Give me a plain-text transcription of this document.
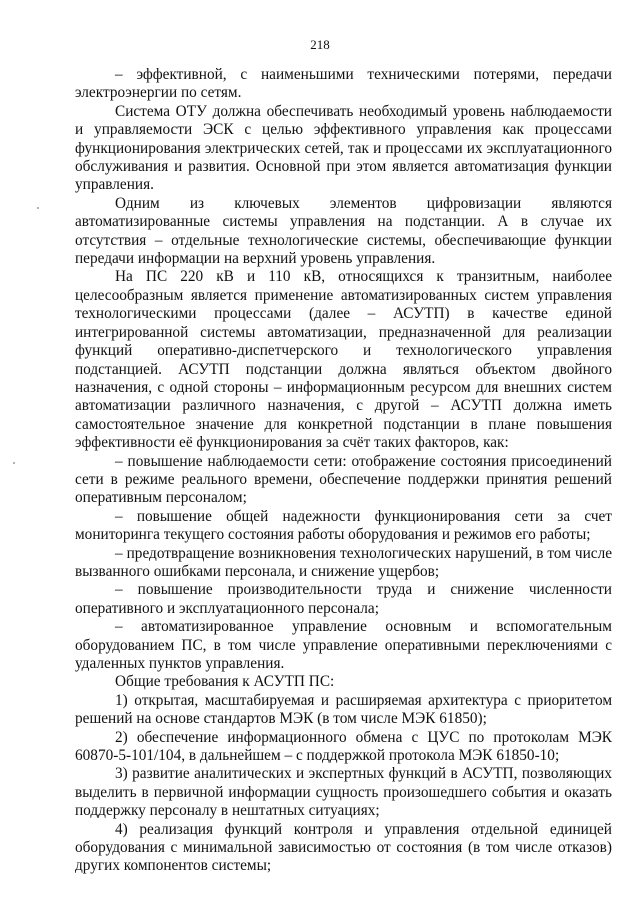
218

– эффективной, с наименьшими техническими потерями, передачи электроэнергии по сетям.

Система ОТУ должна обеспечивать необходимый уровень наблюдаемости и управляемости ЭСК с целью эффективного управления как процессами функционирования электрических сетей, так и процессами их эксплуатационного обслуживания и развития. Основной при этом является автоматизация функции управления.

Одним из ключевых элементов цифровизации являются автоматизированные системы управления на подстанции. А в случае их отсутствия – отдельные технологические системы, обеспечивающие функции передачи информации на верхний уровень управления.

На ПС 220 кВ и 110 кВ, относящихся к транзитным, наиболее целесообразным является применение автоматизированных систем управления технологическими процессами (далее – АСУТП) в качестве единой интегрированной системы автоматизации, предназначенной для реализации функций оперативно-диспетчерского и технологического управления подстанцией. АСУТП подстанции должна являться объектом двойного назначения, с одной стороны – информационным ресурсом для внешних систем автоматизации различного назначения, с другой – АСУТП должна иметь самостоятельное значение для конкретной подстанции в плане повышения эффективности её функционирования за счёт таких факторов, как:

– повышение наблюдаемости сети: отображение состояния присоединений сети в режиме реального времени, обеспечение поддержки принятия решений оперативным персоналом;

– повышение общей надежности функционирования сети за счет мониторинга текущего состояния работы оборудования и режимов его работы;

– предотвращение возникновения технологических нарушений, в том числе вызванного ошибками персонала, и снижение ущербов;

– повышение производительности труда и снижение численности оперативного и эксплуатационного персонала;

– автоматизированное управление основным и вспомогательным оборудованием ПС, в том числе управление оперативными переключениями с удаленных пунктов управления.

Общие требования к АСУТП ПС:

1) открытая, масштабируемая и расширяемая архитектура с приоритетом решений на основе стандартов МЭК (в том числе МЭК 61850);

2) обеспечение информационного обмена с ЦУС по протоколам МЭК 60870-5-101/104, в дальнейшем – с поддержкой протокола МЭК 61850-10;

3) развитие аналитических и экспертных функций в АСУТП, позволяющих выделить в первичной информации сущность произошедшего события и оказать поддержку персоналу в нештатных ситуациях;

4) реализация функций контроля и управления отдельной единицей оборудования с минимальной зависимостью от состояния (в том числе отказов) других компонентов системы;
